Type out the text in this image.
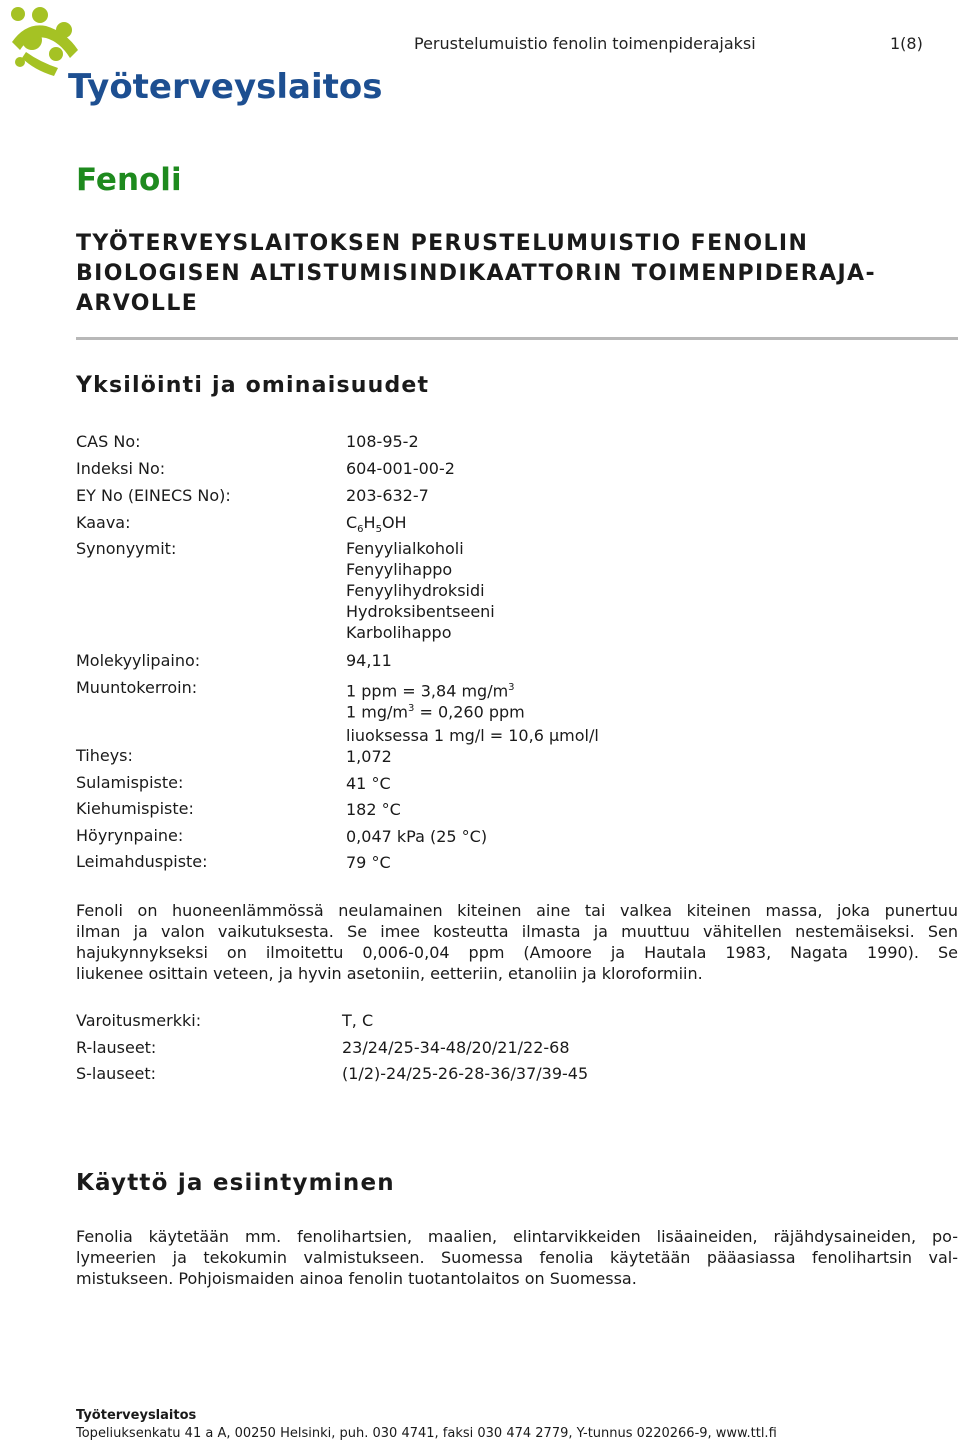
Työterveyslaitos
Perustelumuistio fenolin toimenpiderajaksi	1(8)
Fenoli
TYÖTERVEYSLAITOKSEN PERUSTELUMUISTIO FENOLIN
BIOLOGISEN ALTISTUMISINDIKAATTORIN TOIMENPIDERAJA-
ARVOLLE
Yksilöinti ja ominaisuudet
CAS No:	108-95-2
Indeksi No:	604-001-00-2
EY No (EINECS No):	203-632-7
Kaava:	$C_6H_5OH$
Synonyymit:	Fenyylialkoholi
Fenyylihappo
Fenyylihydroksidi
Hydroksibentseeni
Karbolihappo
Molekyylipaino:	94,11
Muuntokerroin:	1 ppm = 3,84 $mg/m^3$
1 $mg/m^3 = 0,260$ ppm
liuoksessa 1 mg/l = 10,6 µmol/l
Tiheys:	1,072
Sulamispiste:	41 °C
Kiehumispiste:	182 °C
Höyrynpaine:	0,047 kPa (25 °C)
Leimahduspiste:	79 °C
Fenoli on huoneenlämmössä neulamainen kiteinen aine tai valkea kiteinen massa, joka punertuu
ilman ja valon vaikutuksesta. Se imee kosteutta ilmasta ja muuttuu vähitellen nestemäiseksi. Sen
hajukynnykseksi on ilmoitettu 0,006-0,04 ppm (Amoore ja Hautala 1983, Nagata 1990). Se
liukenee osittain veteen, ja hyvin asetoniin, eetteriin, etanoliin ja kloroformiin.
Varoitusmerkki:	T, C
R-lauseet:	23/24/25-34-48/20/21/22-68
S-lauseet:	(1/2)-24/25-26-28-36/37/39-45
Käyttö ja esiintyminen
Fenolia käytetään mm. fenolihartsien, maalien, elintarvikkeiden lisäaineiden, räjähdysaineiden, po-
lymeerien ja tekokumin valmistukseen. Suomessa fenolia käytetään pääasiassa fenolihartsin val-
mistukseen. Pohjoismaiden ainoa fenolin tuotantolaitos on Suomessa.
Työterveyslaitos
Topeliuksenkatu 41 a A, 00250 Helsinki, puh. 030 4741, faksi 030 474 2779, Y-tunnus 0220266-9, www.ttl.fi
